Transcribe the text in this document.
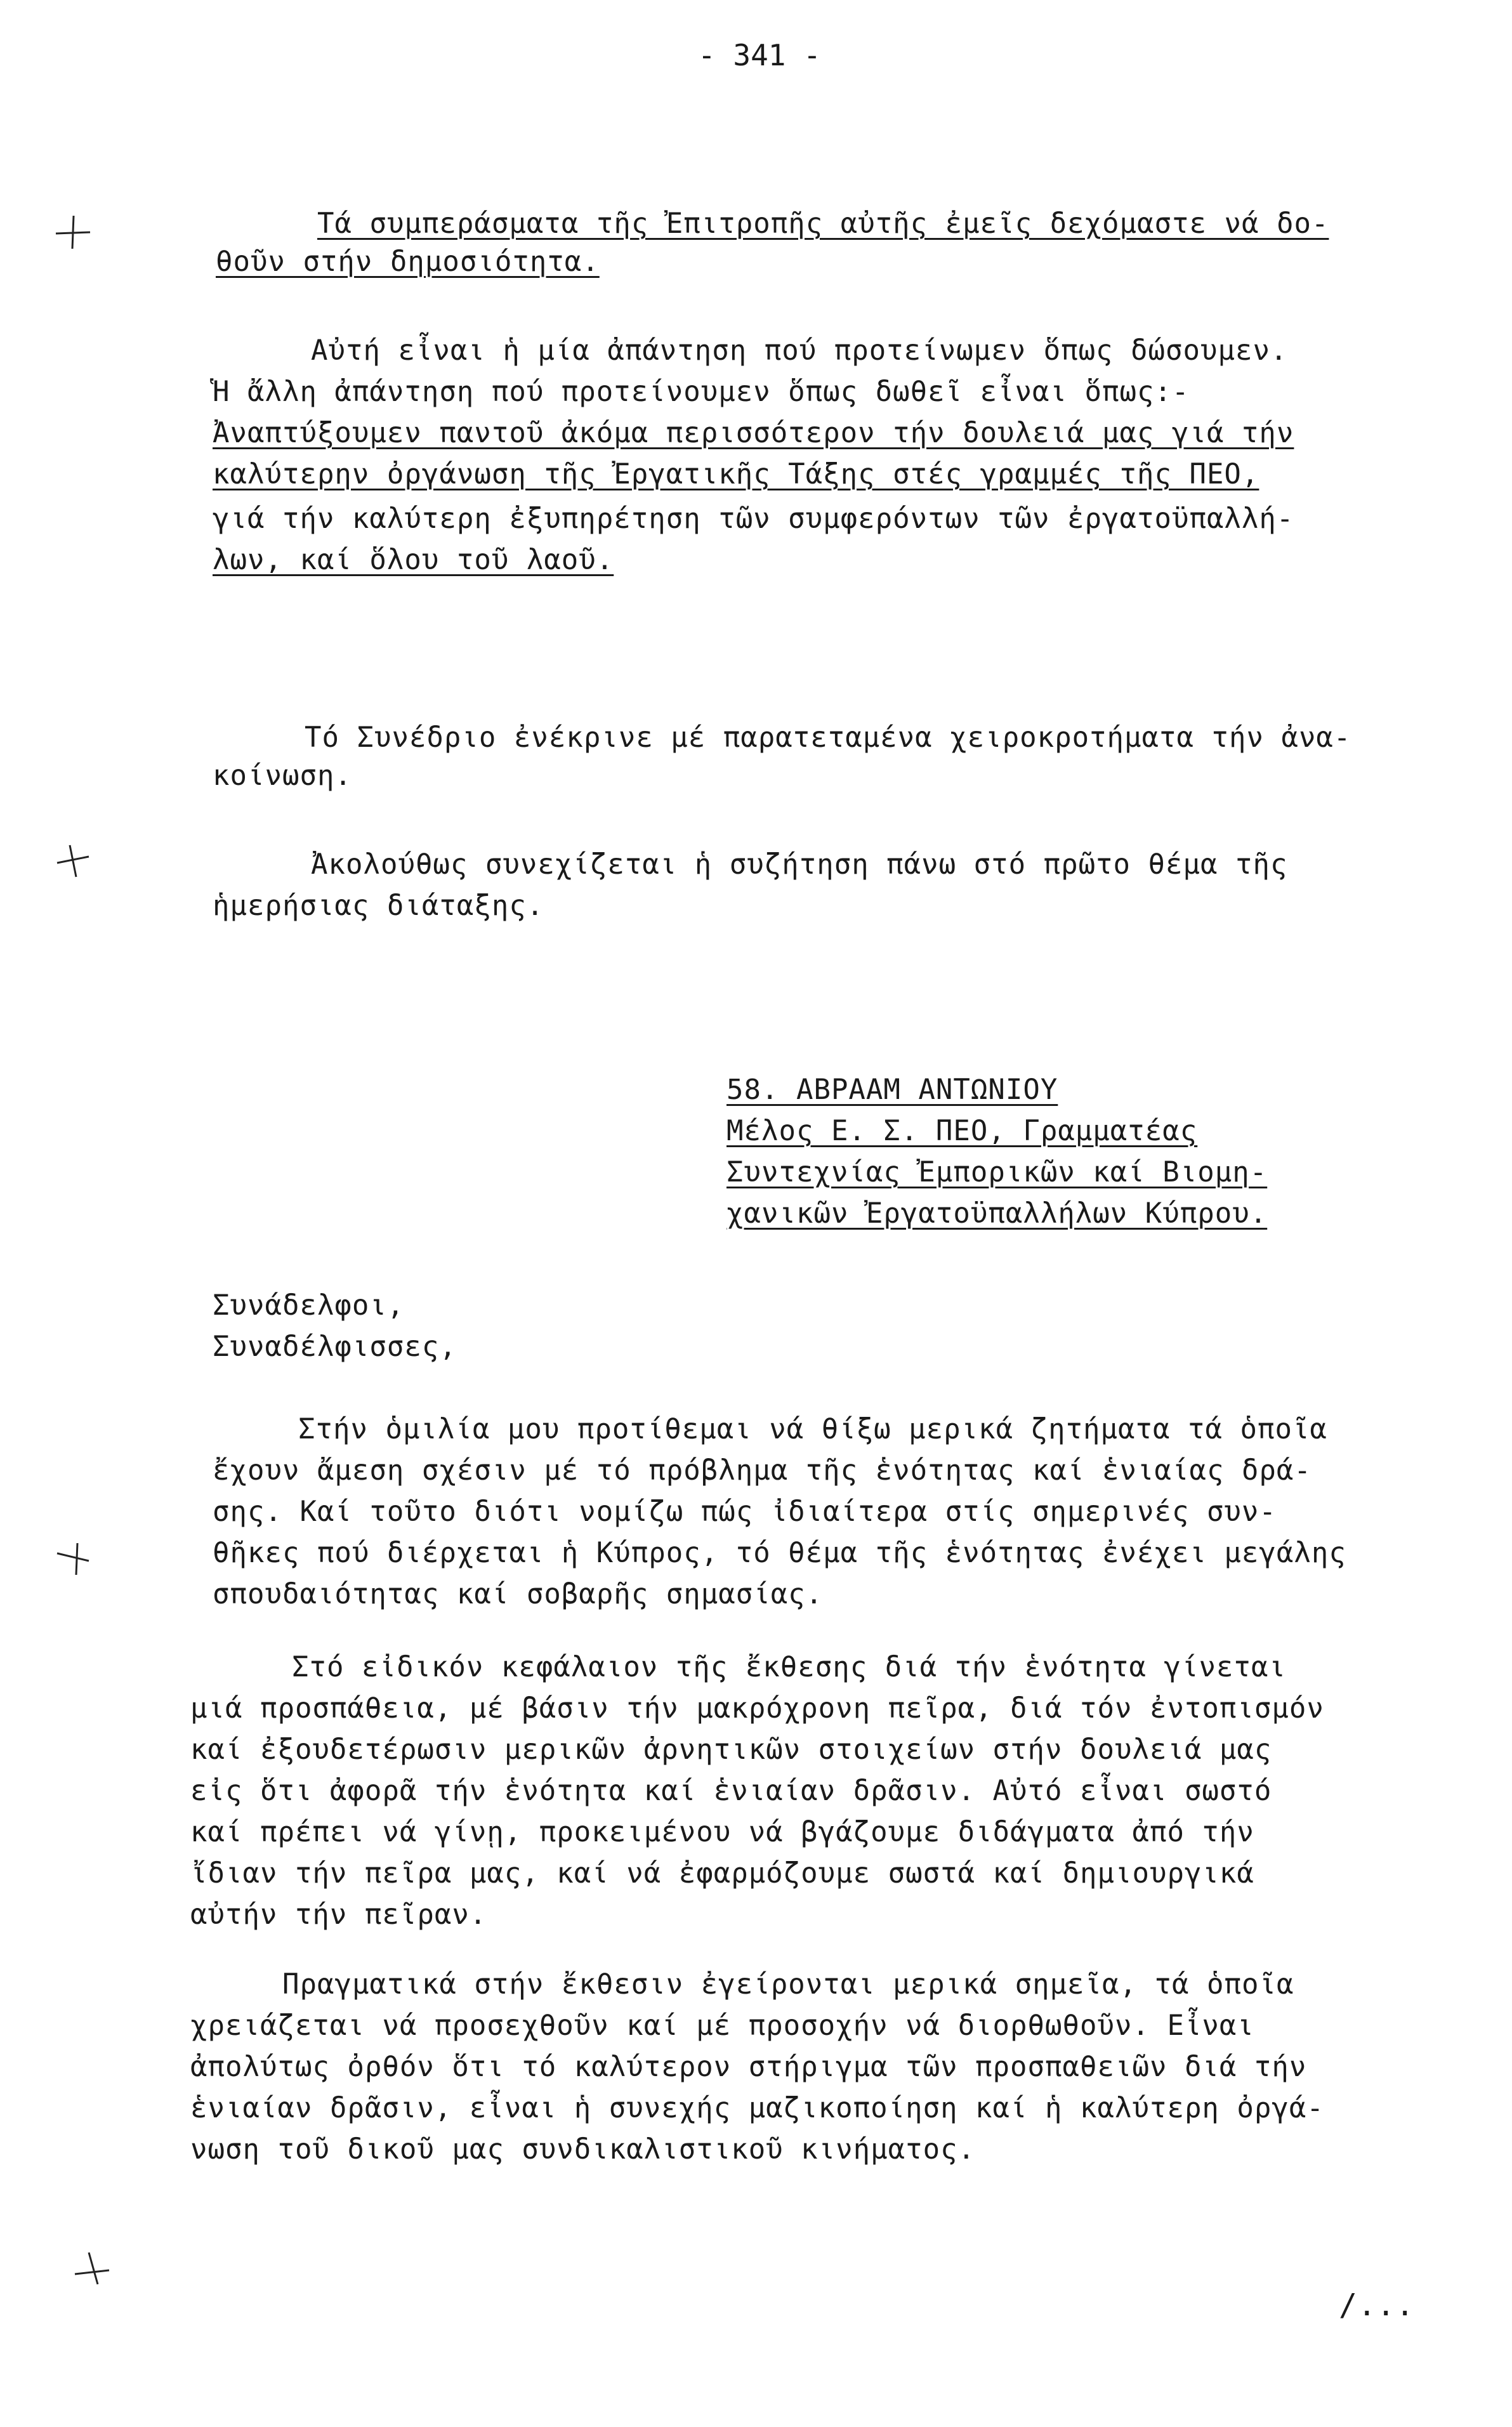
- 341 -
Τά συμπεράσματα τῆς Ἐπιτροπῆς αὐτῆς ἐμεῖς δεχόμαστε νά δο-
θοῦν στήν δημοσιότητα.
Αὐτή εἶναι ἡ μία ἀπάντηση πού προτείνωμεν ὅπως δώσουμεν.
Ἡ ἄλλη ἀπάντηση πού προτείνουμεν ὅπως δωθεῖ εἶναι ὅπως:-
Ἀναπτύξουμεν παντοῦ ἀκόμα περισσότερον τήν δουλειά μας γιά τήν
καλύτερην ὀργάνωση τῆς Ἐργατικῆς Τάξης στές γραμμές τῆς ΠΕΟ,
γιά τήν καλύτερη ἐξυπηρέτηση τῶν συμφερόντων τῶν ἐργατοϋπαλλή-
λων, καί ὅλου τοῦ λαοῦ.
Τό Συνέδριο ἐνέκρινε μέ παρατεταμένα χειροκροτήματα τήν ἀνα-
κοίνωση.
Ἀκολούθως συνεχίζεται ἡ συζήτηση πάνω στό πρῶτο θέμα τῆς
ἡμερήσιας διάταξης.
58. ΑΒΡΑΑΜ ΑΝΤΩΝΙΟΥ
Μέλος Ε. Σ. ΠΕΟ, Γραμματέας
Συντεχνίας Ἐμπορικῶν καί Βιομη-
χανικῶν Ἐργατοϋπαλλήλων Κύπρου.
Συνάδελφοι,
Συναδέλφισσες,
Στήν ὁμιλία μου προτίθεμαι νά θίξω μερικά ζητήματα τά ὁποῖα
ἔχουν ἄμεση σχέσιν μέ τό πρόβλημα τῆς ἑνότητας καί ἑνιαίας δρά-
σης. Καί τοῦτο διότι νομίζω πώς ἰδιαίτερα στίς σημερινές συν-
θῆκες πού διέρχεται ἡ Κύπρος, τό θέμα τῆς ἑνότητας ἐνέχει μεγάλης
σπουδαιότητας καί σοβαρῆς σημασίας.
Στό εἰδικόν κεφάλαιον τῆς ἔκθεσης διά τήν ἑνότητα γίνεται
μιά προσπάθεια, μέ βάσιν τήν μακρόχρονη πεῖρα, διά τόν ἐντοπισμόν
καί ἐξουδετέρωσιν μερικῶν ἀρνητικῶν στοιχείων στήν δουλειά μας
εἰς ὅτι ἀφορᾶ τήν ἑνότητα καί ἑνιαίαν δρᾶσιν. Αὐτό εἶναι σωστό
καί πρέπει νά γίνῃ, προκειμένου νά βγάζουμε διδάγματα ἀπό τήν
ἴδιαν τήν πεῖρα μας, καί νά ἐφαρμόζουμε σωστά καί δημιουργικά
αὐτήν τήν πεῖραν.
Πραγματικά στήν ἔκθεσιν ἐγείρονται μερικά σημεῖα, τά ὁποῖα
χρειάζεται νά προσεχθοῦν καί μέ προσοχήν νά διορθωθοῦν. Εἶναι
ἀπολύτως ὀρθόν ὅτι τό καλύτερον στήριγμα τῶν προσπαθειῶν διά τήν
ἑνιαίαν δρᾶσιν, εἶναι ἡ συνεχής μαζικοποίηση καί ἡ καλύτερη ὀργά-
νωση τοῦ δικοῦ μας συνδικαλιστικοῦ κινήματος.
/...
